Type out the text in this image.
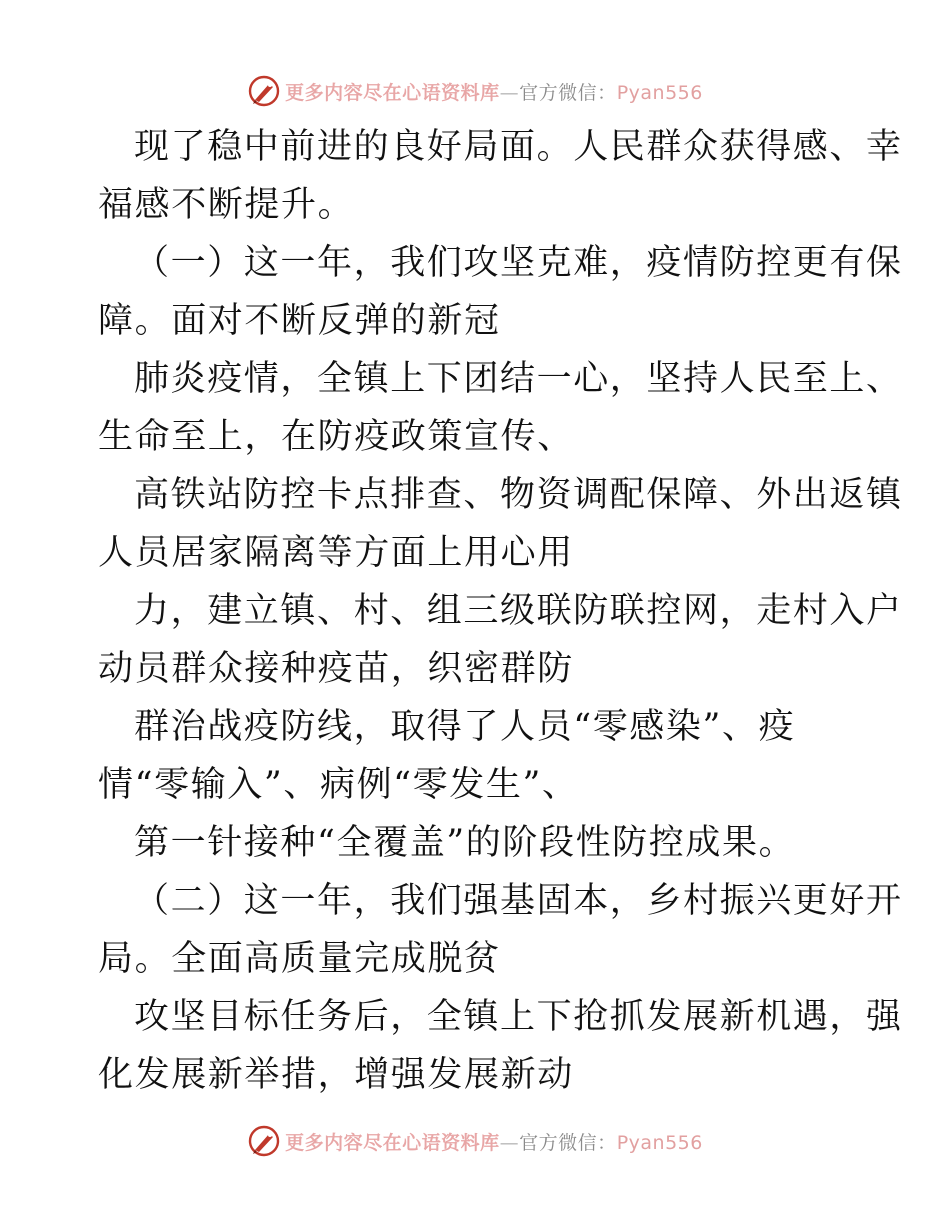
更多内容尽在心语资料库—官方微信：Pyan556
现了稳中前进的良好局面。人民群众获得感、幸
福感不断提升。
（一）这一年，我们攻坚克难，疫情防控更有保
障。面对不断反弹的新冠
肺炎疫情，全镇上下团结一心，坚持人民至上、
生命至上，在防疫政策宣传、
高铁站防控卡点排查、物资调配保障、外出返镇
人员居家隔离等方面上用心用
力，建立镇、村、组三级联防联控网，走村入户
动员群众接种疫苗，织密群防
群治战疫防线，取得了人员“零感染”、疫
情“零输入”、病例“零发生”、
第一针接种“全覆盖”的阶段性防控成果。
（二）这一年，我们强基固本，乡村振兴更好开
局。全面高质量完成脱贫
攻坚目标任务后，全镇上下抢抓发展新机遇，强
化发展新举措，增强发展新动
更多内容尽在心语资料库—官方微信：Pyan556
